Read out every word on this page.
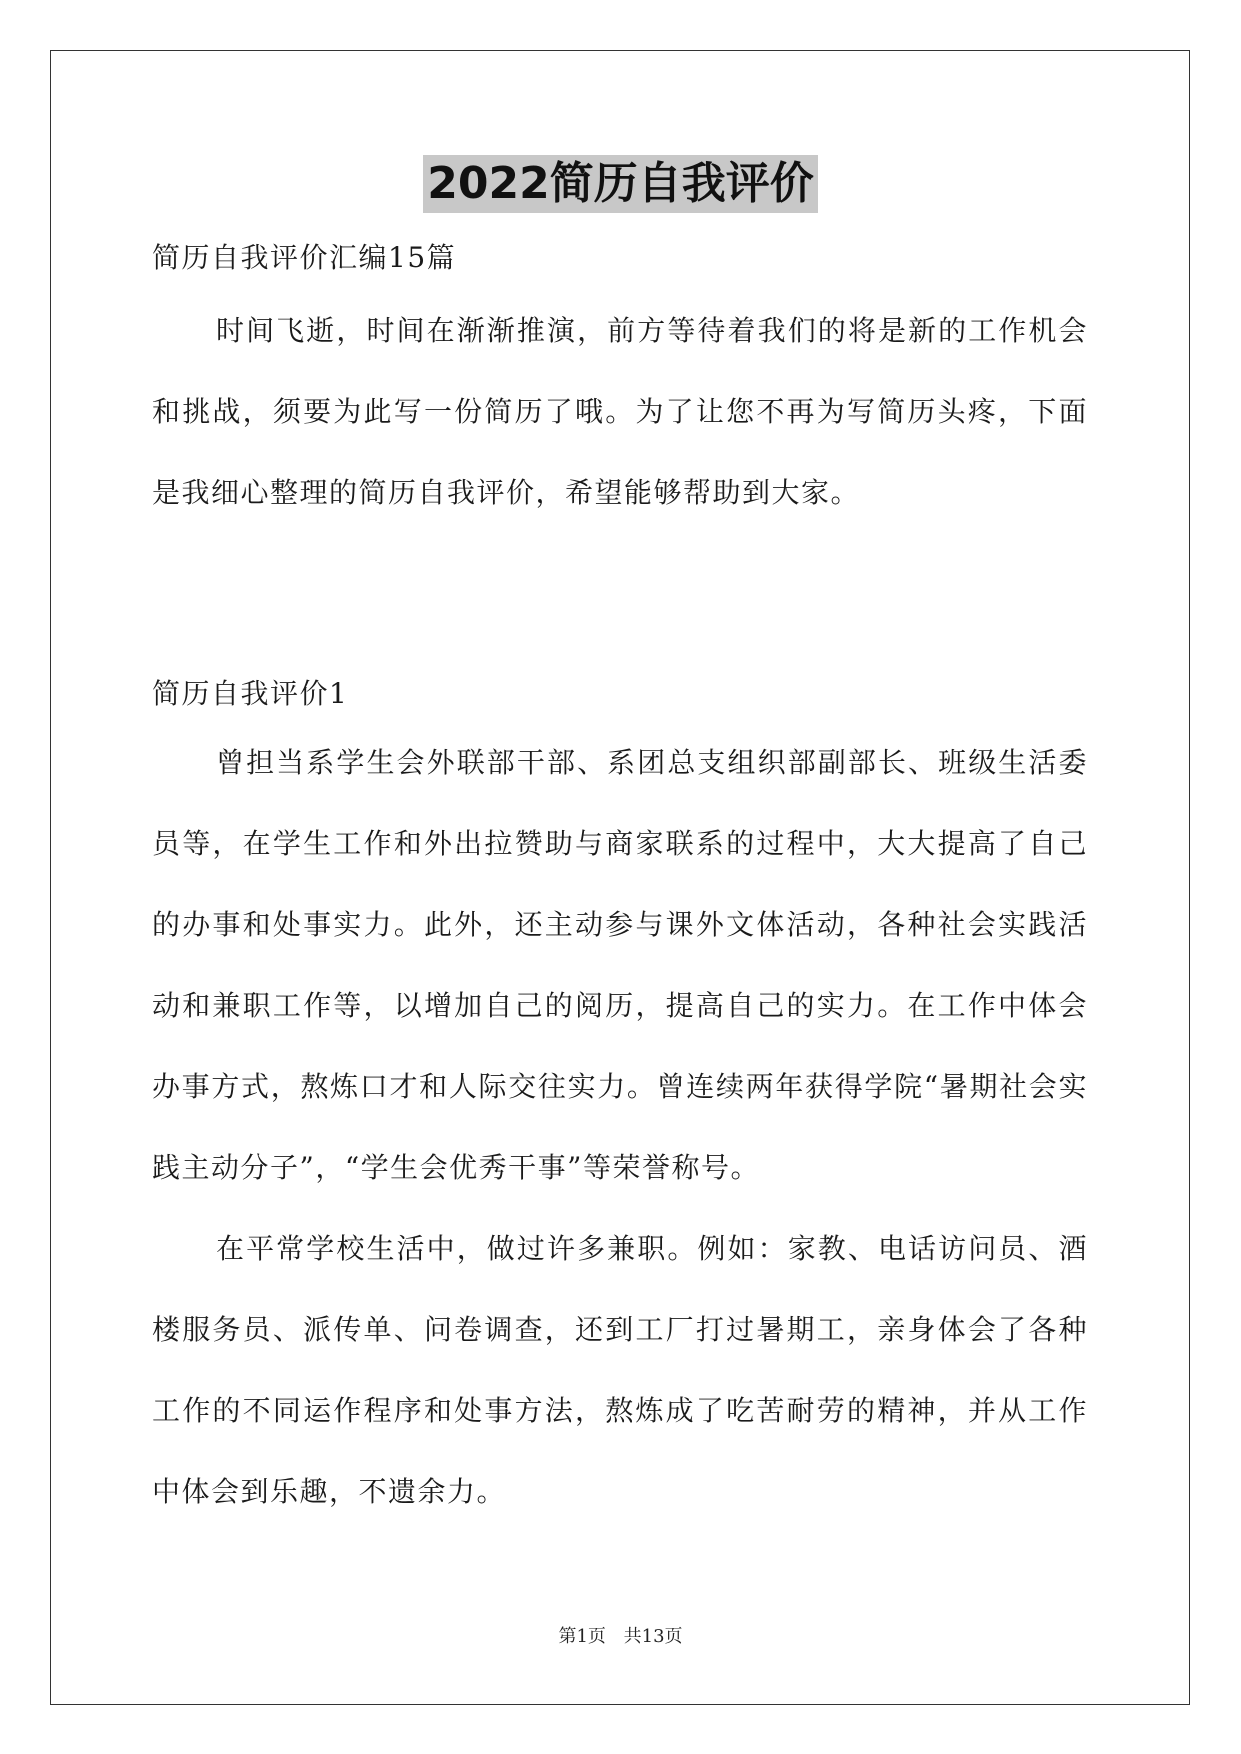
2022简历自我评价
简历自我评价汇编15篇

时间飞逝，时间在渐渐推演，前方等待着我们的将是新的工作机会和挑战，须要为此写一份简历了哦。为了让您不再为写简历头疼，下面是我细心整理的简历自我评价，希望能够帮助到大家。

简历自我评价1

曾担当系学生会外联部干部、系团总支组织部副部长、班级生活委员等，在学生工作和外出拉赞助与商家联系的过程中，大大提高了自己的办事和处事实力。此外，还主动参与课外文体活动，各种社会实践活动和兼职工作等，以增加自己的阅历，提高自己的实力。在工作中体会办事方式，熬炼口才和人际交往实力。曾连续两年获得学院“暑期社会实践主动分子”，“学生会优秀干事”等荣誉称号。

在平常学校生活中，做过许多兼职。例如：家教、电话访问员、酒楼服务员、派传单、问卷调查，还到工厂打过暑期工，亲身体会了各种工作的不同运作程序和处事方法，熬炼成了吃苦耐劳的精神，并从工作中体会到乐趣，不遗余力。

第1页 共13页
